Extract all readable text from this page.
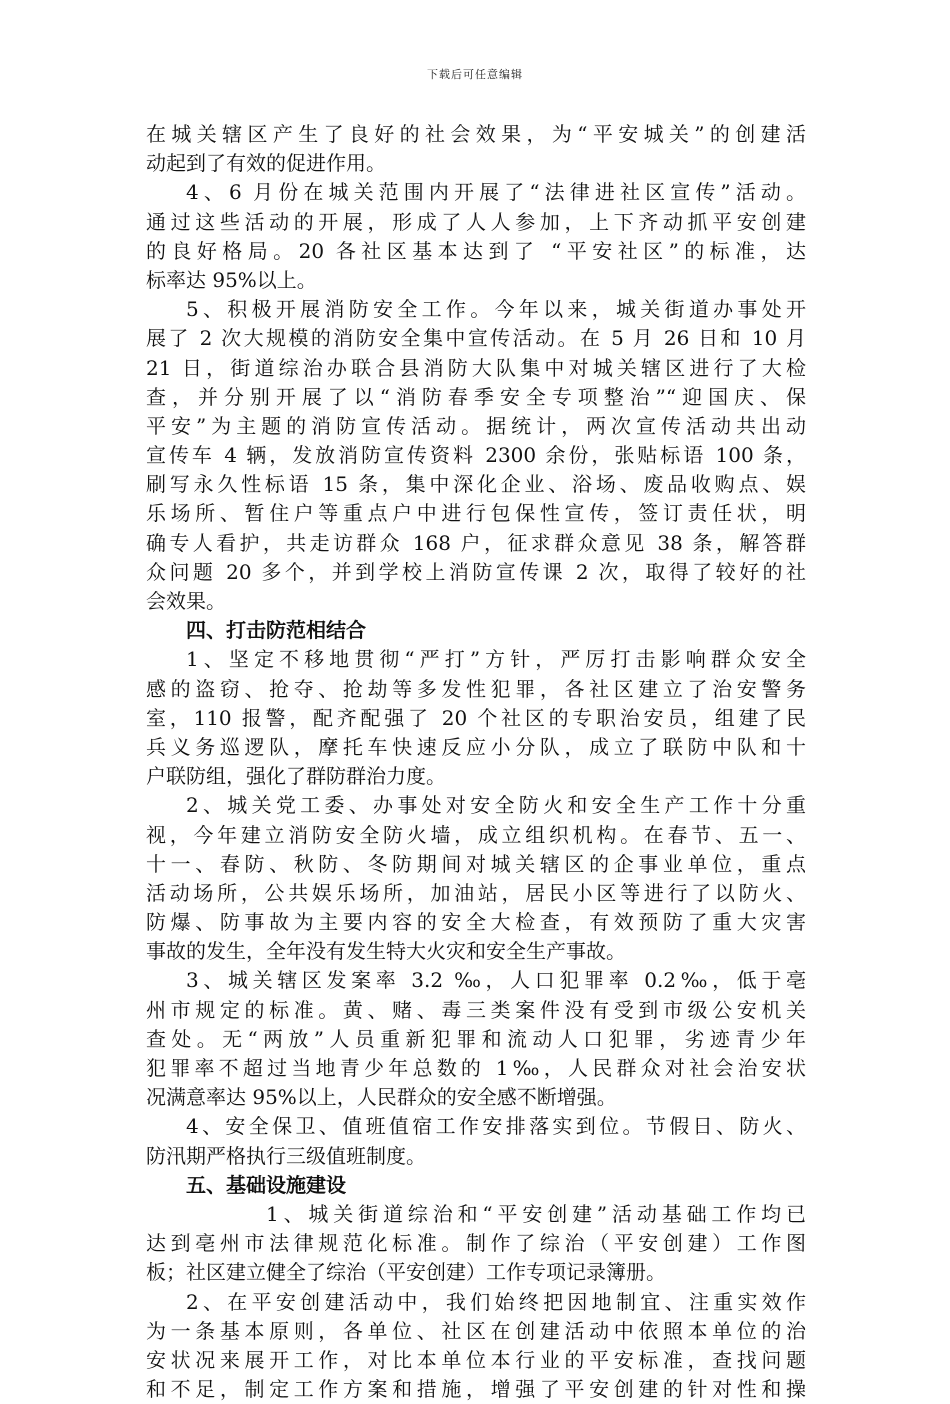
下载后可任意编辑
在城关辖区产生了良好的社会效果，为“平安城关”的创建活
动起到了有效的促进作用。
4、6 月份在城关范围内开展了“法律进社区宣传”活动。
通过这些活动的开展，形成了人人参加，上下齐动抓平安创建
的良好格局。20 各社区基本达到了 “平安社区”的标准，达
标率达 95%以上。
5、积极开展消防安全工作。今年以来，城关街道办事处开
展了 2 次大规模的消防安全集中宣传活动。在 5 月 26 日和 10 月
21 日，街道综治办联合县消防大队集中对城关辖区进行了大检
查，并分别开展了以“消防春季安全专项整治”“迎国庆、保
平安”为主题的消防宣传活动。据统计，两次宣传活动共出动
宣传车 4 辆，发放消防宣传资料 2300 余份，张贴标语 100 条，
刷写永久性标语 15 条，集中深化企业、浴场、废品收购点、娱
乐场所、暂住户等重点户中进行包保性宣传，签订责任状，明
确专人看护，共走访群众 168 户，征求群众意见 38 条，解答群
众问题 20 多个，并到学校上消防宣传课 2 次，取得了较好的社
会效果。
四、打击防范相结合
1、坚定不移地贯彻“严打”方针，严厉打击影响群众安全
感的盗窃、抢夺、抢劫等多发性犯罪，各社区建立了治安警务
室，110 报警，配齐配强了 20 个社区的专职治安员，组建了民
兵义务巡逻队，摩托车快速反应小分队，成立了联防中队和十
户联防组，强化了群防群治力度。
2、城关党工委、办事处对安全防火和安全生产工作十分重
视，今年建立消防安全防火墙，成立组织机构。在春节、五一、
十一、春防、秋防、冬防期间对城关辖区的企事业单位，重点
活动场所，公共娱乐场所，加油站，居民小区等进行了以防火、
防爆、防事故为主要内容的安全大检查，有效预防了重大灾害
事故的发生，全年没有发生特大火灾和安全生产事故。
3、城关辖区发案率 3.2 ‰，人口犯罪率 0.2‰，低于亳
州市规定的标准。黄、赌、毒三类案件没有受到市级公安机关
查处。无“两放”人员重新犯罪和流动人口犯罪，劣迹青少年
犯罪率不超过当地青少年总数的 1‰，人民群众对社会治安状
况满意率达 95%以上，人民群众的安全感不断增强。
4、安全保卫、值班值宿工作安排落实到位。节假日、防火、
防汛期严格执行三级值班制度。
五、基础设施建设
1、城关街道综治和“平安创建”活动基础工作均已
达到亳州市法律规范化标准。制作了综治（平安创建）工作图
板；社区建立健全了综治（平安创建）工作专项记录簿册。
2、在平安创建活动中，我们始终把因地制宜、注重实效作
为一条基本原则，各单位、社区在创建活动中依照本单位的治
安状况来展开工作，对比本单位本行业的平安标准，查找问题
和不足，制定工作方案和措施，增强了平安创建的针对性和操
